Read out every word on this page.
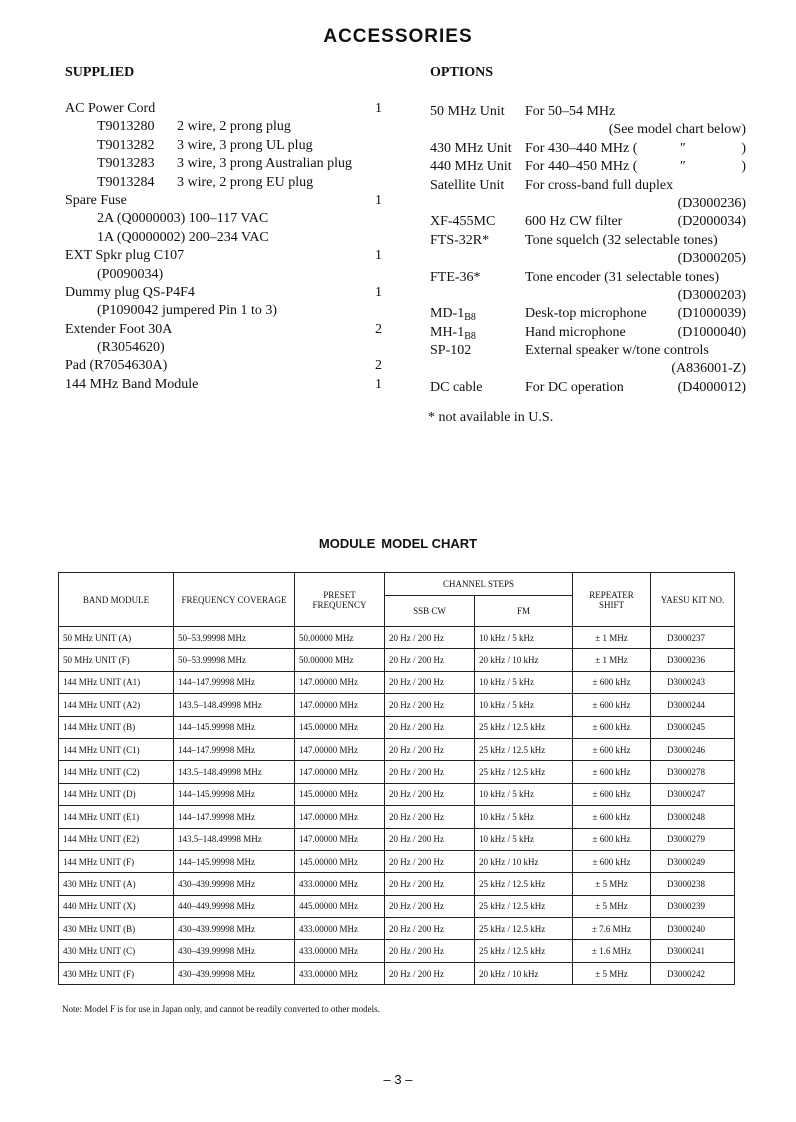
ACCESSORIES
SUPPLIED	OPTIONS
AC Power Cord	1
T9013280 2 wire, 2 prong plug
T9013282 3 wire, 3 prong UL plug
T9013283 3 wire, 3 prong Australian plug
T9013284 3 wire, 2 prong EU plug
Spare Fuse	1
2A (Q0000003) 100–117 VAC
1A (Q0000002) 200–234 VAC
EXT Spkr plug C107	1
(P0090034)
Dummy plug QS-P4F4	1
(P1090042 jumpered Pin 1 to 3)
Extender Foot 30A	2
(R3054620)
Pad (R7054630A)	2
144 MHz Band Module	1
50 MHz Unit For 50–54 MHz
(See model chart below)
430 MHz Unit For 430–440 MHz (	″	)
440 MHz Unit For 440–450 MHz (	″	)
Satellite Unit For cross-band full duplex
(D3000236)
XF-455MC 600 Hz CW filter	(D2000034)
FTS-32R*	Tone squelch (32 selectable tones)
(D3000205)
FTE-36*	Tone encoder (31 selectable tones)
(D3000203)
$MD-1_{B8}$	Desk-top microphone (D1000039)
$MH-1_{B8}$	Hand microphone	(D1000040)
SP-102	External speaker w/tone controls
(A836001-Z)
DC cable	For DC operation	(D4000012)
* not available in U.S.
MODULE MODEL CHART
BAND MODULE	FREQUENCY COVERAGE	PRESET FREQUENCY	CHANNEL STEPS		REPEATER SHIFT	YAESU KIT NO.
			SSB CW	FM		
50 MHz UNIT (A)	50–53.99998 MHz	50.00000 MHz	20 Hz / 200 Hz	10 kHz / 5 kHz	± 1 MHz	D3000237
50 MHz UNIT (F)	50–53.99998 MHz	50.00000 MHz	20 Hz / 200 Hz	20 kHz / 10 kHz	± 1 MHz	D3000236
144 MHz UNIT (A1)	144–147.99998 MHz	147.00000 MHz	20 Hz / 200 Hz	10 kHz / 5 kHz	± 600 kHz	D3000243
144 MHz UNIT (A2)	143.5–148.49998 MHz	147.00000 MHz	20 Hz / 200 Hz	10 kHz / 5 kHz	± 600 kHz	D3000244
144 MHz UNIT (B)	144–145.99998 MHz	145.00000 MHz	20 Hz / 200 Hz	25 kHz / 12.5 kHz	± 600 kHz	D3000245
144 MHz UNIT (C1)	144–147.99998 MHz	147.00000 MHz	20 Hz / 200 Hz	25 kHz / 12.5 kHz	± 600 kHz	D3000246
144 MHz UNIT (C2)	143.5–148.49998 MHz	147.00000 MHz	20 Hz / 200 Hz	25 kHz / 12.5 kHz	± 600 kHz	D3000278
144 MHz UNIT (D)	144–145.99998 MHz	145.00000 MHz	20 Hz / 200 Hz	10 kHz / 5 kHz	± 600 kHz	D3000247
144 MHz UNIT (E1)	144–147.99998 MHz	147.00000 MHz	20 Hz / 200 Hz	10 kHz / 5 kHz	± 600 kHz	D3000248
144 MHz UNIT (E2)	143.5–148.49998 MHz	147.00000 MHz	20 Hz / 200 Hz	10 kHz / 5 kHz	± 600 kHz	D3000279
144 MHz UNIT (F)	144–145.99998 MHz	145.00000 MHz	20 Hz / 200 Hz	20 kHz / 10 kHz	± 600 kHz	D3000249
430 MHz UNIT (A)	430–439.99998 MHz	433.00000 MHz	20 Hz / 200 Hz	25 kHz / 12.5 kHz	± 5 MHz	D3000238
440 MHz UNIT (X)	440–449.99998 MHz	445.00000 MHz	20 Hz / 200 Hz	25 kHz / 12.5 kHz	± 5 MHz	D3000239
430 MHz UNIT (B)	430–439.99998 MHz	433.00000 MHz	20 Hz / 200 Hz	25 kHz / 12.5 kHz	± 7.6 MHz	D3000240
430 MHz UNIT (C)	430–439.99998 MHz	433.00000 MHz	20 Hz / 200 Hz	25 kHz / 12.5 kHz	± 1.6 MHz	D3000241
430 MHz UNIT (F)	430–439.99998 MHz	433.00000 MHz	20 Hz / 200 Hz	20 kHz / 10 kHz	± 5 MHz	D3000242
Note: Model F is for use in Japan only, and cannot be readily converted to other models.
– 3 –
